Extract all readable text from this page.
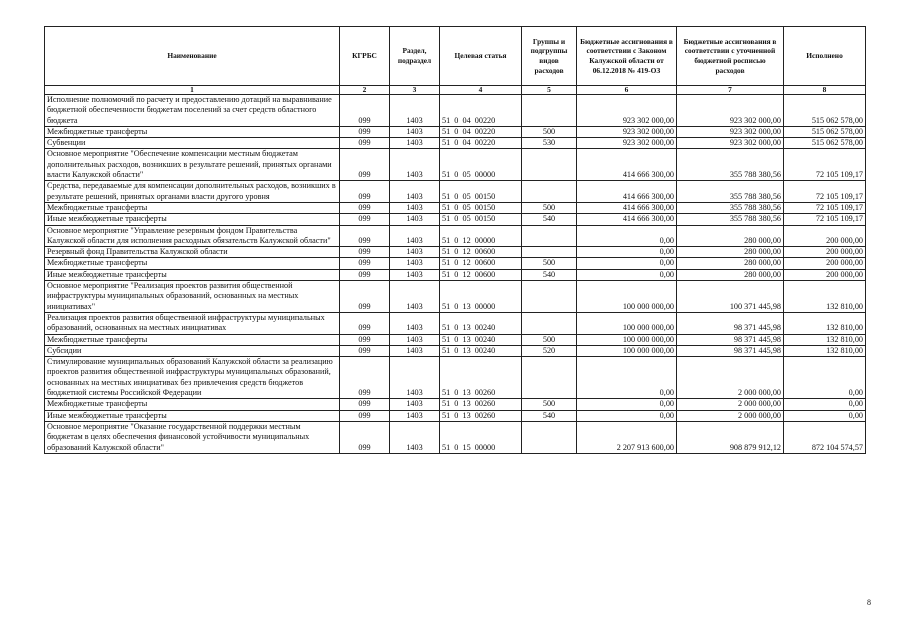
Наименование	КГРБС	Раздел, подраздел	Целевая статья	Группы и подгруппы видов расходов	Бюджетные ассигнования в соответствии с Законом Калужской области от 06.12.2018 № 419-ОЗ	Бюджетные ассигнования в соответствии с уточненной бюджетной росписью расходов	Исполнено
1	2	3	4	5	6	7	8
Исполнение полномочий по расчету и предоставлению дотаций на выравнивание бюджетной обеспеченности бюджетам поселений за счет средств областного бюджета	099	1403	51  0  04  00220		923 302 000,00	923 302 000,00	515 062 578,00
Межбюджетные трансферты	099	1403	51  0  04  00220	500	923 302 000,00	923 302 000,00	515 062 578,00
Субвенции	099	1403	51  0  04  00220	530	923 302 000,00	923 302 000,00	515 062 578,00
Основное мероприятие "Обеспечение компенсации местным бюджетам дополнительных расходов, возникших в результате решений, принятых органами власти Калужской области"	099	1403	51  0  05  00000		414 666 300,00	355 788 380,56	72 105 109,17
Средства, передаваемые для компенсации дополнительных расходов, возникших в результате решений, принятых органами власти другого уровня	099	1403	51  0  05  00150		414 666 300,00	355 788 380,56	72 105 109,17
Межбюджетные трансферты	099	1403	51  0  05  00150	500	414 666 300,00	355 788 380,56	72 105 109,17
Иные межбюджетные трансферты	099	1403	51  0  05  00150	540	414 666 300,00	355 788 380,56	72 105 109,17
Основное мероприятие "Управление резервным фондом Правительства Калужской области для исполнения расходных обязательств Калужской области"	099	1403	51  0  12  00000		0,00	280 000,00	200 000,00
Резервный фонд Правительства Калужской области	099	1403	51  0  12  00600		0,00	280 000,00	200 000,00
Межбюджетные трансферты	099	1403	51  0  12  00600	500	0,00	280 000,00	200 000,00
Иные межбюджетные трансферты	099	1403	51  0  12  00600	540	0,00	280 000,00	200 000,00
Основное мероприятие "Реализация проектов развития общественной инфраструктуры муниципальных образований, основанных на местных инициативах"	099	1403	51  0  13  00000		100 000 000,00	100 371 445,98	132 810,00
Реализация проектов развития общественной инфраструктуры муниципальных образований, основанных на местных инициативах	099	1403	51  0  13  00240		100 000 000,00	98 371 445,98	132 810,00
Межбюджетные трансферты	099	1403	51  0  13  00240	500	100 000 000,00	98 371 445,98	132 810,00
Субсидии	099	1403	51  0  13  00240	520	100 000 000,00	98 371 445,98	132 810,00
Стимулирование муниципальных образований Калужской области за реализацию проектов развития общественной инфраструктуры муниципальных образований, основанных на местных инициативах без привлечения средств бюджетов бюджетной системы Российской Федерации	099	1403	51  0  13  00260		0,00	2 000 000,00	0,00
Межбюджетные трансферты	099	1403	51  0  13  00260	500	0,00	2 000 000,00	0,00
Иные межбюджетные трансферты	099	1403	51  0  13  00260	540	0,00	2 000 000,00	0,00
Основное мероприятие "Оказание государственной поддержки местным бюджетам в целях обеспечения финансовой устойчивости муниципальных образований Калужской области"	099	1403	51  0  15  00000		2 207 913 600,00	908 879 912,12	872 104 574,57
8
